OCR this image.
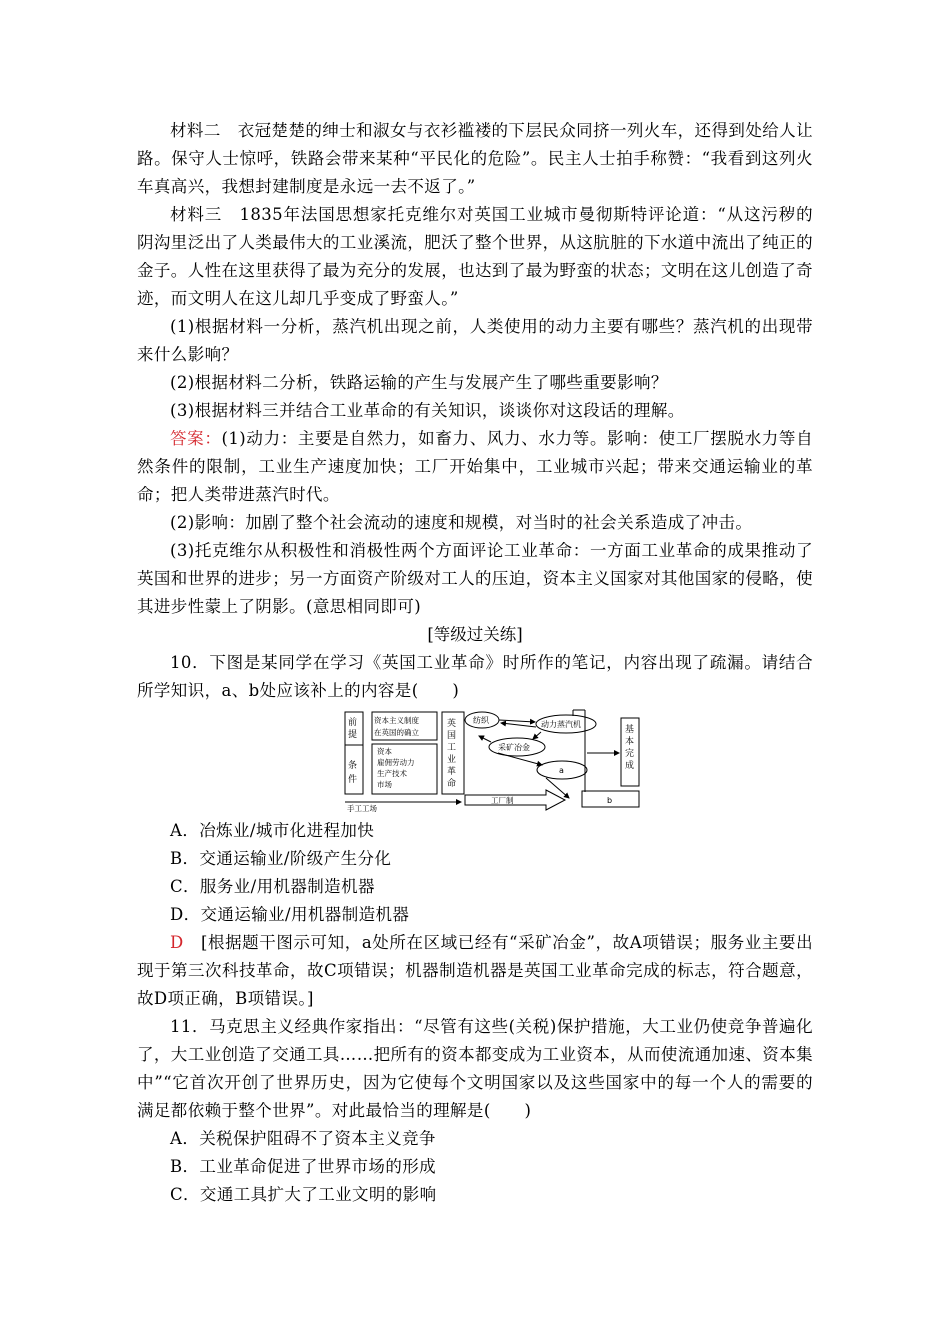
材料二　 衣冠楚楚的绅士和淑女与衣衫褴褛的下层民众同挤一列火车，还得到处给人让路。保守人士惊呼，铁路会带来某种“平民化的危险”。民主人士拍手称赞：“我看到这列火车真高兴，我想封建制度是永远一去不返了。”

材料三　 1835年法国思想家托克维尔对英国工业城市曼彻斯特评论道：“从这污秽的阴沟里泛出了人类最伟大的工业溪流，肥沃了整个世界，从这肮脏的下水道中流出了纯正的金子。人性在这里获得了最为充分的发展，也达到了最为野蛮的状态；文明在这儿创造了奇迹，而文明人在这儿却几乎变成了野蛮人。”

(1)根据材料一分析，蒸汽机出现之前，人类使用的动力主要有哪些？蒸汽机的出现带来什么影响？

(2)根据材料二分析，铁路运输的产生与发展产生了哪些重要影响？

(3)根据材料三并结合工业革命的有关知识，谈谈你对这段话的理解。

答案：(1)动力：主要是自然力，如畜力、风力、水力等。影响：使工厂摆脱水力等自然条件的限制，工业生产速度加快；工厂开始集中，工业城市兴起；带来交通运输业的革命；把人类带进蒸汽时代。

(2)影响：加剧了整个社会流动的速度和规模，对当时的社会关系造成了冲击。

(3)托克维尔从积极性和消极性两个方面评论工业革命：一方面工业革命的成果推动了英国和世界的进步；另一方面资产阶级对工人的压迫，资本主义国家对其他国家的侵略，使其进步性蒙上了阴影。(意思相同即可)

[等级过关练]

10．下图是某同学在学习《英国工业革命》时所作的笔记，内容出现了疏漏。请结合所学知识，a、b处应该补上的内容是(　　)

前
提
条
件
资本主义制度
在英国的确立
资本
雇佣劳动力
生产技术
市场
英
国
工
业
革
命
纺织	动力蒸汽机
采矿冶金
a
基
本
完
成
b
手工工场
工厂制
A．冶炼业/城市化进程加快
B．交通运输业/阶级产生分化
C．服务业/用机器制造机器
D．交通运输业/用机器制造机器

D　 [根据题干图示可知，a处所在区域已经有“采矿冶金”，故A项错误；服务业主要出现于第三次科技革命，故C项错误；机器制造机器是英国工业革命完成的标志，符合题意，故D项正确，B项错误。]

11．马克思主义经典作家指出：“尽管有这些(关税)保护措施，大工业仍使竞争普遍化了，大工业创造了交通工具……把所有的资本都变成为工业资本，从而使流通加速、资本集中”“它首次开创了世界历史，因为它使每个文明国家以及这些国家中的每一个人的需要的满足都依赖于整个世界”。对此最恰当的理解是(　　)

A．关税保护阻碍不了资本主义竞争
B．工业革命促进了世界市场的形成
C．交通工具扩大了工业文明的影响
